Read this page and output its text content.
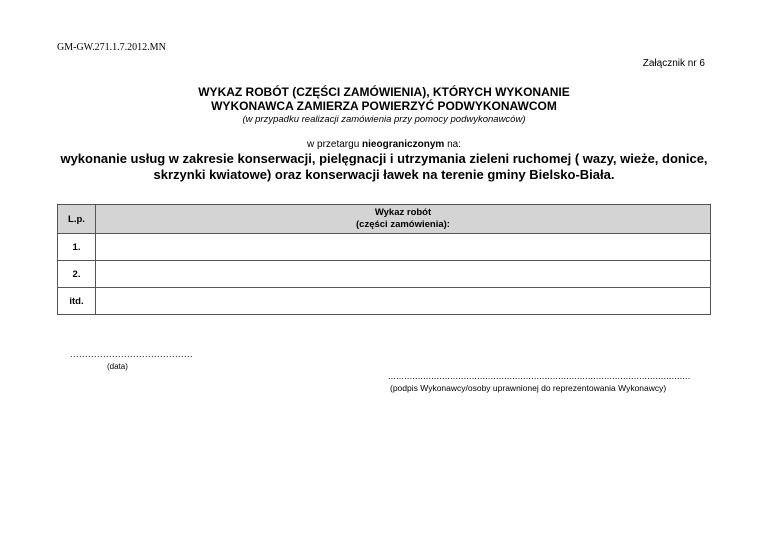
GM-GW.271.1.7.2012.MN
Załącznik nr 6
WYKAZ ROBÓT (CZĘŚCI ZAMÓWIENIA), KTÓRYCH WYKONANIE
WYKONAWCA ZAMIERZA POWIERZYĆ PODWYKONAWCOM
(w przypadku realizacji zamówienia przy pomocy podwykonawców)
w przetargu nieograniczonym na:
wykonanie usług w zakresie konserwacji, pielęgnacji i utrzymania zieleni ruchomej ( wazy, wieże, donice, skrzynki kwiatowe) oraz konserwacji ławek na terenie gminy Bielsko-Biała.
L.p.	Wykaz robót
(części zamówienia):

1.	
2.	
itd.	
.........................................
(data)
................................................................................................................
(podpis Wykonawcy/osoby uprawnionej do reprezentowania Wykonawcy)
